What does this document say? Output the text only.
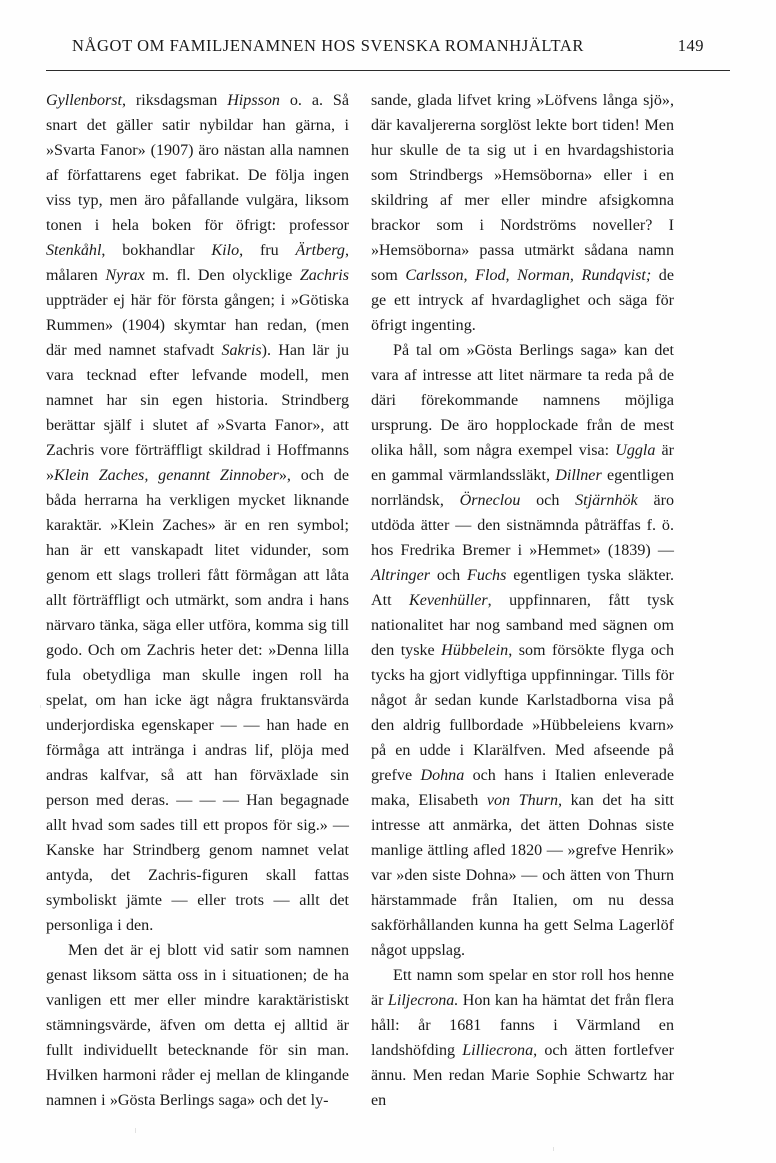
NÅGOT OM FAMILJENAMNEN HOS SVENSKA ROMANHJÄLTAR	149

Gyllenborst, riksdagsman Hipsson o. a. Så snart det gäller satir nybildar han gärna, i »Svarta Fanor» (1907) äro nästan alla namnen af författarens eget fabrikat. De följa ingen viss typ, men äro påfallande vulgära, liksom tonen i hela boken för öfrigt: professor Stenkåhl, bokhandlar Kilo, fru Ärtberg, målaren Nyrax m. fl. Den olycklige Zachris uppträder ej här för första gången; i »Götiska Rummen» (1904) skymtar han redan, (men där med namnet stafvadt Sakris). Han lär ju vara tecknad efter lefvande modell, men namnet har sin egen historia. Strindberg berättar själf i slutet af »Svarta Fanor», att Zachris vore förträffligt skildrad i Hoffmanns »Klein Zaches, genannt Zinnober», och de båda herrarna ha verkligen mycket liknande karaktär. »Klein Zaches» är en ren symbol; han är ett vanskapadt litet vidunder, som genom ett slags trolleri fått förmågan att låta allt förträffligt och utmärkt, som andra i hans närvaro tänka, säga eller utföra, komma sig till godo. Och om Zachris heter det: »Denna lilla fula obetydliga man skulle ingen roll ha spelat, om han icke ägt några fruktansvärda underjordiska egenskaper — — han hade en förmåga att intränga i andras lif, plöja med andras kalfvar, så att han förväxlade sin person med deras. — — — Han begagnade allt hvad som sades till ett propos för sig.» — Kanske har Strindberg genom namnet velat antyda, det Zachris-figuren skall fattas symboliskt jämte — eller trots — allt det personliga i den.

Men det är ej blott vid satir som namnen genast liksom sätta oss in i situationen; de ha vanligen ett mer eller mindre karaktäristiskt stämningsvärde, äfven om detta ej alltid är fullt individuellt betecknande för sin man. Hvilken harmoni råder ej mellan de klingande namnen i »Gösta Berlings saga» och det ly-

sande, glada lifvet kring »Löfvens långa sjö», där kavaljererna sorglöst lekte bort tiden! Men hur skulle de ta sig ut i en hvardagshistoria som Strindbergs »Hemsöborna» eller i en skildring af mer eller mindre afsigkomna brackor som i Nordströms noveller? I »Hemsöborna» passa utmärkt sådana namn som Carlsson, Flod, Norman, Rundqvist; de ge ett intryck af hvardaglighet och säga för öfrigt ingenting.

På tal om »Gösta Berlings saga» kan det vara af intresse att litet närmare ta reda på de däri förekommande namnens möjliga ursprung. De äro hopplockade från de mest olika håll, som några exempel visa: Uggla är en gammal värmlandssläkt, Dillner egentligen norrländsk, Örneclou och Stjärnhök äro utdöda ätter — den sistnämnda påträffas f. ö. hos Fredrika Bremer i »Hemmet» (1839) — Altringer och Fuchs egentligen tyska släkter. Att Kevenhüller, uppfinnaren, fått tysk nationalitet har nog samband med sägnen om den tyske Hübbelein, som försökte flyga och tycks ha gjort vidlyftiga uppfinningar. Tills för något år sedan kunde Karlstadborna visa på den aldrig fullbordade »Hübbeleiens kvarn» på en udde i Klarälfven. Med afseende på grefve Dohna och hans i Italien enleverade maka, Elisabeth von Thurn, kan det ha sitt intresse att anmärka, det ätten Dohnas siste manlige ättling afled 1820 — »grefve Henrik» var »den siste Dohna» — och ätten von Thurn härstammade från Italien, om nu dessa sakförhållanden kunna ha gett Selma Lagerlöf något uppslag.

Ett namn som spelar en stor roll hos henne är Liljecrona. Hon kan ha hämtat det från flera håll: år 1681 fanns i Värmland en landshöfding Lilliecrona, och ätten fortlefver ännu. Men redan Marie Sophie Schwartz har en
